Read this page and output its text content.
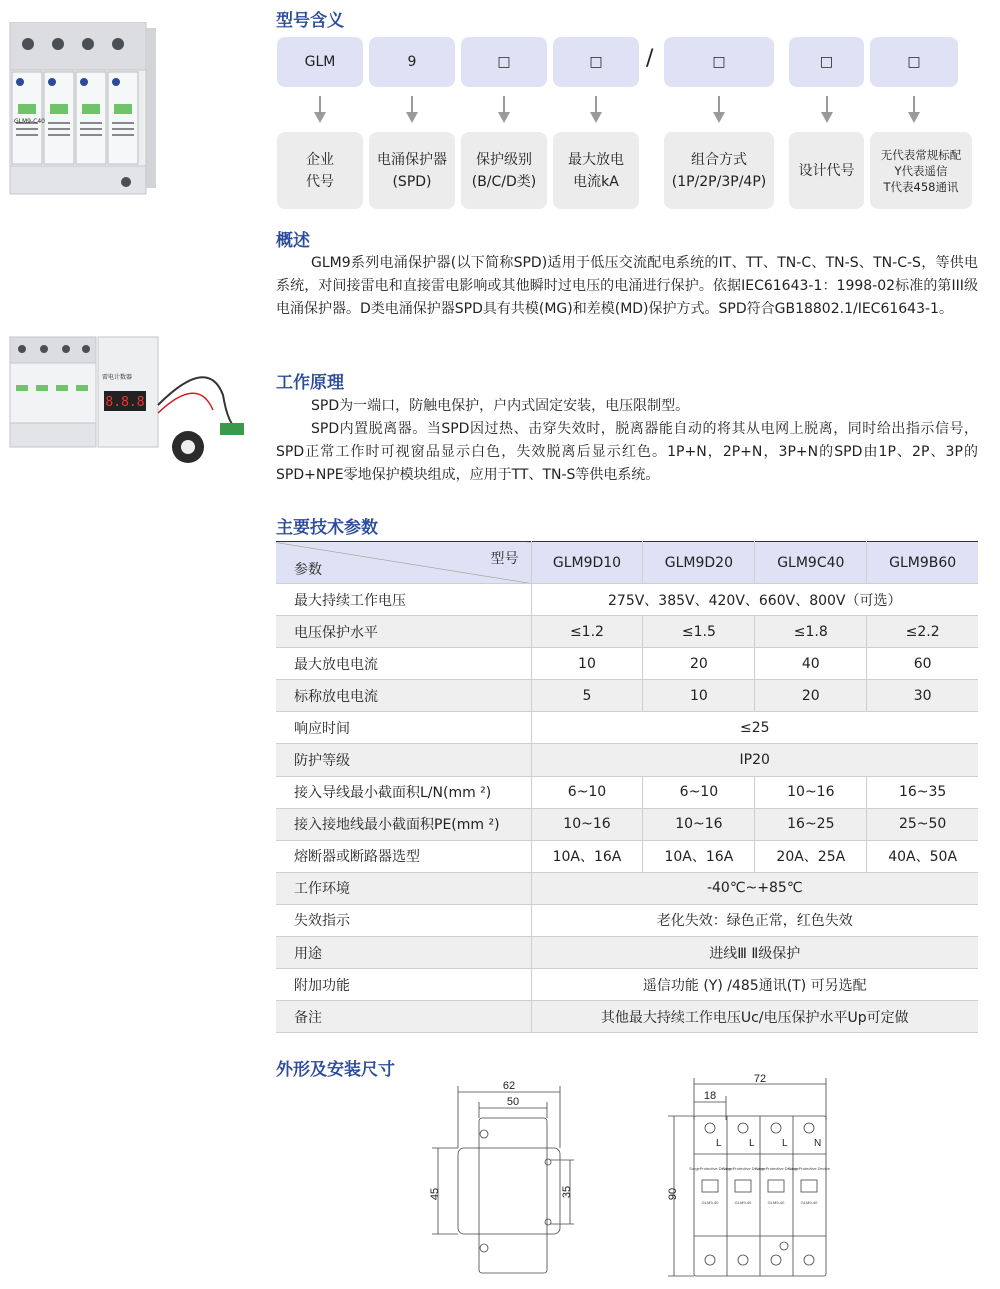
8.8.8
型号含义
GLM	9	□	□ /	□	□	□
企业
代号
电涌保护器
(SPD)
保护级别
(B/C/D类)
最大放电
电流kA
组合方式
(1P/2P/3P/4P)
设计代号
无代表常规标配
Y代表遥信
T代表458通讯
概述

GLM9系列电涌保护器(以下简称SPD)适用于低压交流配电系统的IT、TT、TN-C、TN-S、TN-C-S，等供电系统，对间接雷电和直接雷电影响或其他瞬时过电压的电涌进行保护。依据IEC61643-1：1998-02标准的第III级电涌保护器。D类电涌保护器SPD具有共模(MG)和差模(MD)保护方式。SPD符合GB18802.1/IEC61643-1。

工作原理

SPD为一端口，防触电保护，户内式固定安装，电压限制型。

SPD内置脱离器。当SPD因过热、击穿失效时，脱离器能自动的将其从电网上脱离，同时给出指示信号，SPD正常工作时可视窗品显示白色，失效脱离后显示红色。1P+N，2P+N，3P+N的SPD由1P、2P、3P的SPD+NPE零地保护模块组成，应用于TT、TN-S等供电系统。

主要技术参数
型号
参数	GLM9D10	GLM9D20	GLM9C40	GLM9B60
最大持续工作电压	275V、385V、420V、660V、800V（可选）			
电压保护水平	≤1.2	≤1.5	≤1.8	≤2.2
最大放电电流	10	20	40	60
标称放电电流	5	10	20	30
响应时间	≤25			
防护等级	IP20			
接入导线最小截面积L/N(mm ²)	6~10	6~10	10~16	16~35
接入接地线最小截面积PE(mm ²)	10~16	10~16	16~25	25~50
熔断器或断路器选型	10A、16A	10A、16A	20A、25A	40A、50A
工作环境	-40℃~+85℃			
失效指示	老化失效：绿色正常，红色失效			
用途	进线Ⅲ Ⅱ级保护			
附加功能	遥信功能 (Y) /485通讯(T) 可另选配			
备注	其他最大持续工作电压Uc/电压保护水平Up可定做			
外形及安装尺寸
62
50
45	35
72
18
90
L	L	L	N
SurgeProtective Device
SurgeProtective Device
SurgeProtective Device
SurgeProtective Device
GLM9-40	GLM9-40	GLM9-40	GLM9-40
GLM9-C40
雷电计数器
